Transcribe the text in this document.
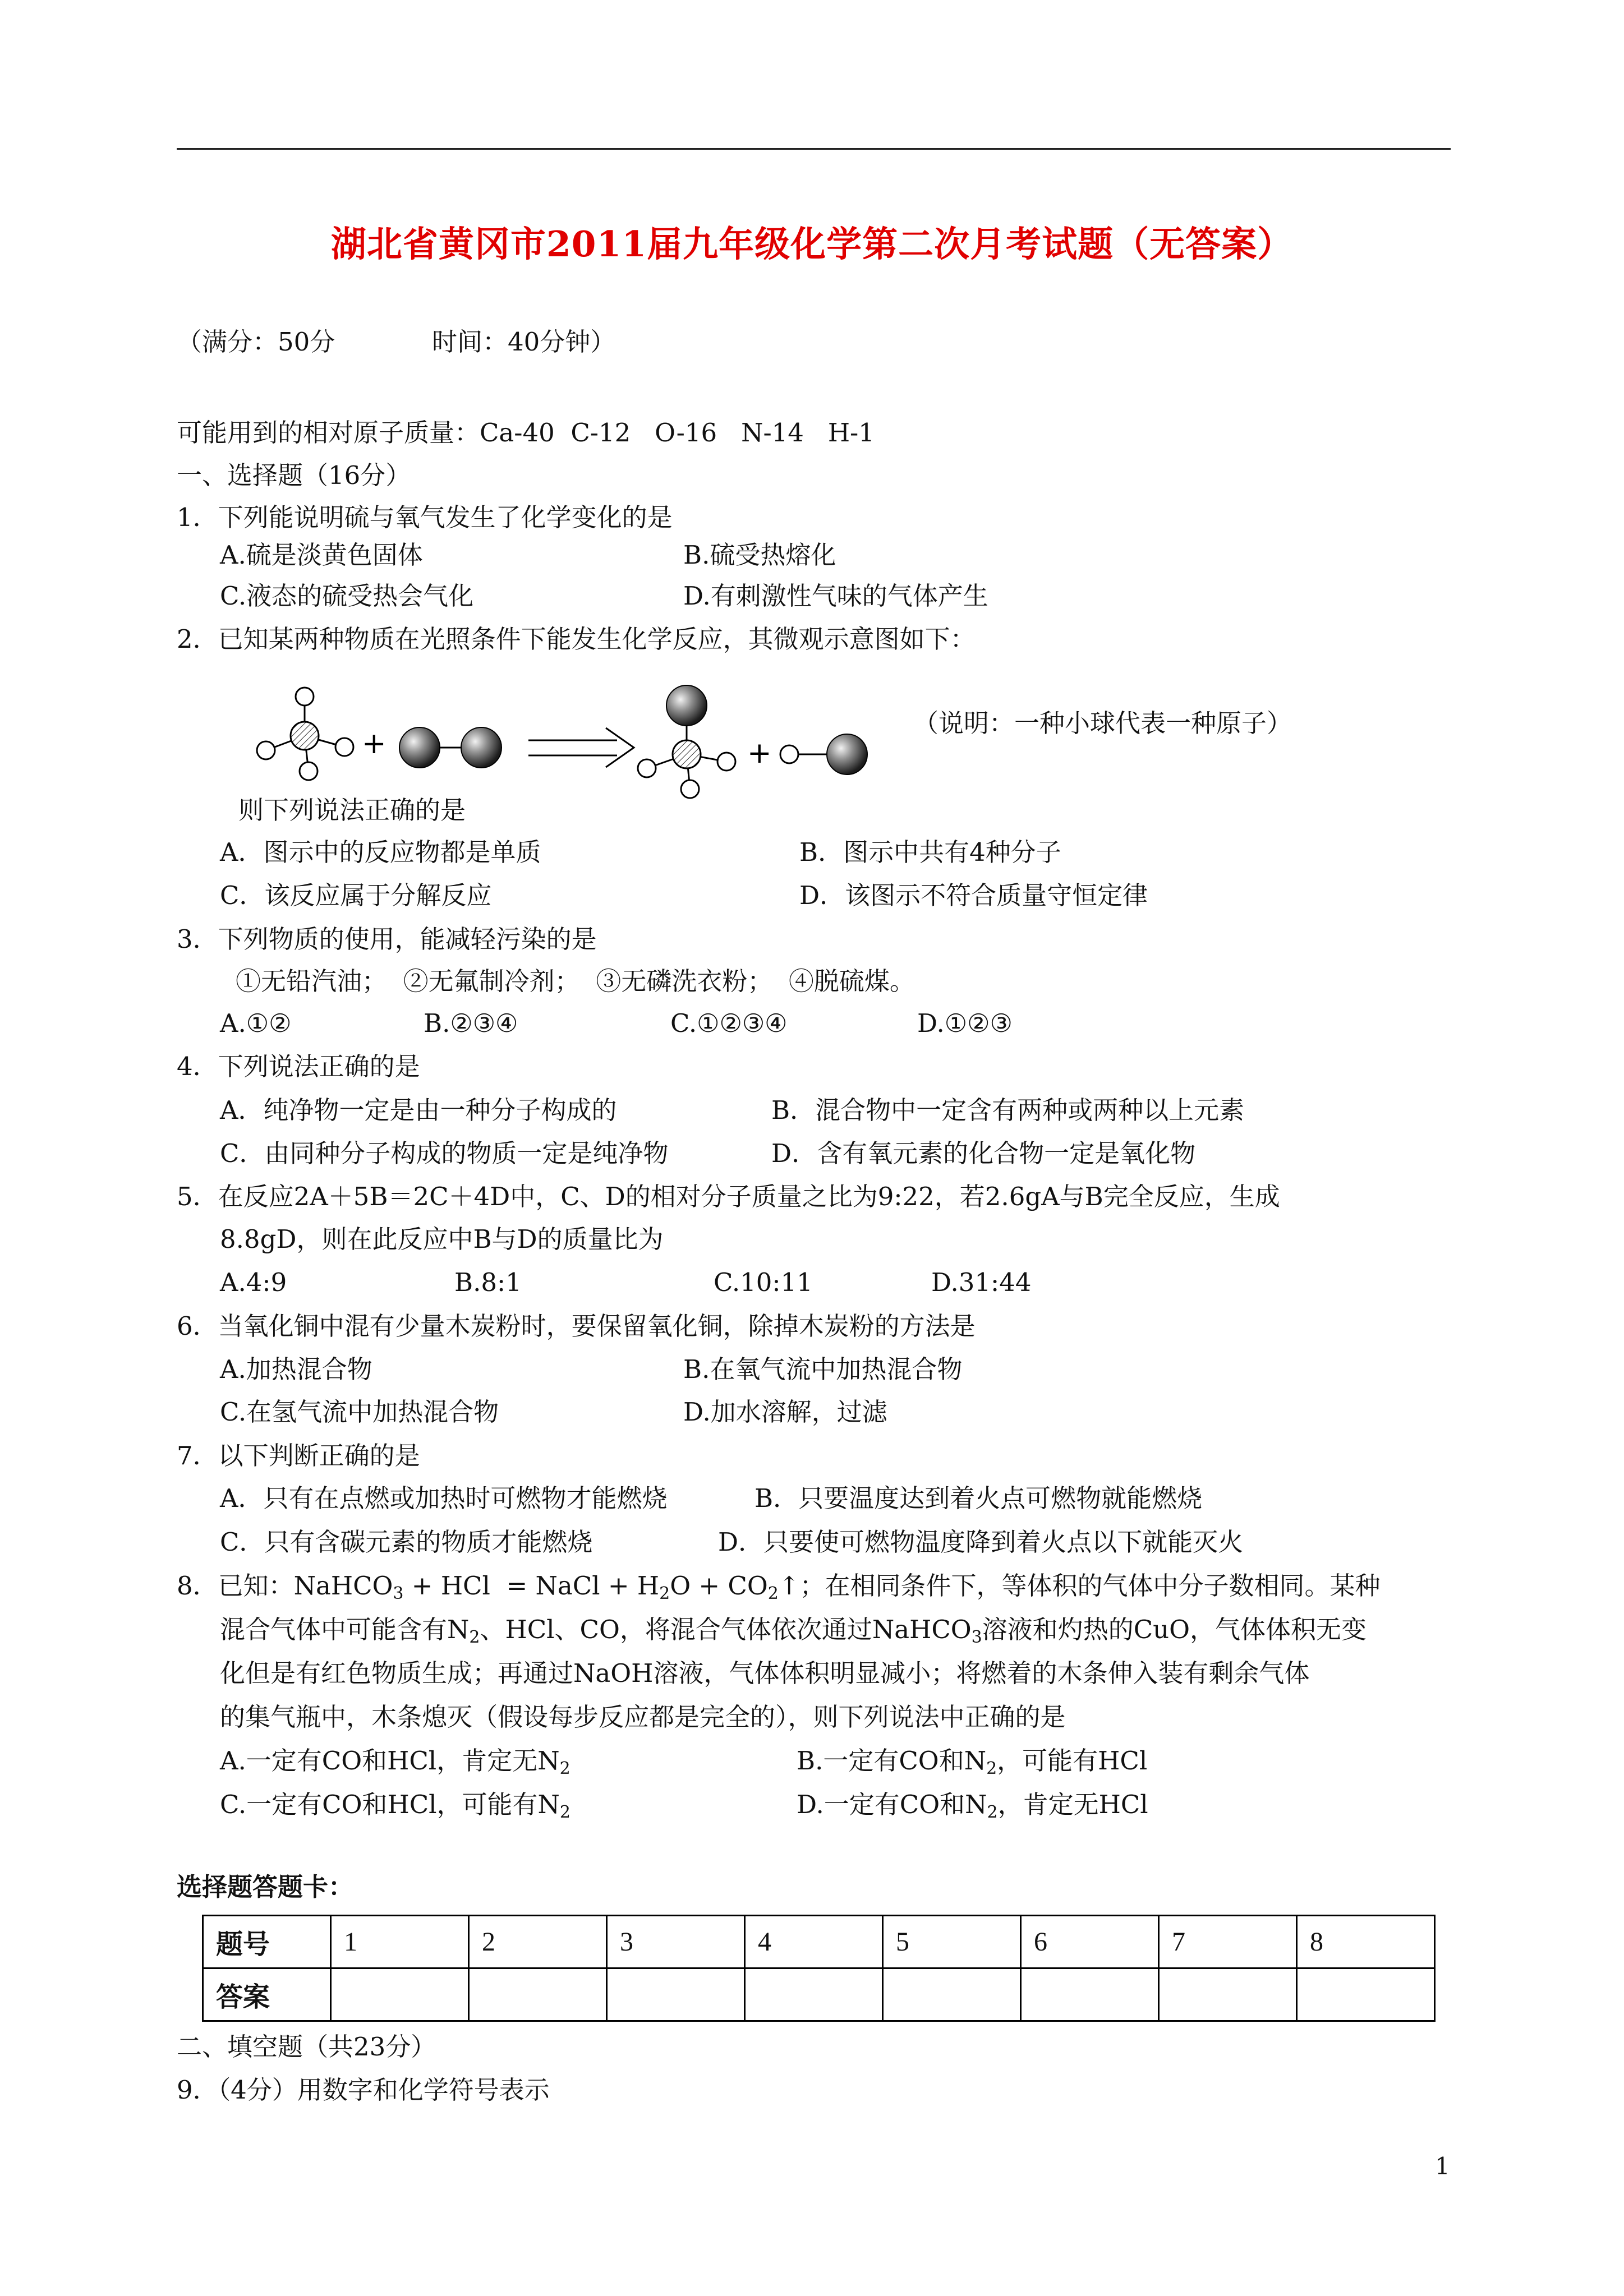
湖北省黄冈市2011届九年级化学第二次月考试题（无答案）
（满分：50分	时间：40分钟）
可能用到的相对原子质量：Ca-40  C-12   O-16   N-14   H-1
一、选择题（16分）
1．下列能说明硫与氧气发生了化学变化的是
A.硫是淡黄色固体	B.硫受热熔化
C.液态的硫受热会气化	D.有刺激性气味的气体产生
2．已知某两种物质在光照条件下能发生化学反应，其微观示意图如下：
+	+
（说明：一种小球代表一种原子）
则下列说法正确的是
A．图示中的反应物都是单质	B．图示中共有4种分子
C．该反应属于分解反应	D．该图示不符合质量守恒定律
3．下列物质的使用，能减轻污染的是
①无铅汽油；  ②无氟制冷剂；  ③无磷洗衣粉；  ④脱硫煤。
A.①②	B.②③④	C.①②③④	D.①②③
4．下列说法正确的是
A．纯净物一定是由一种分子构成的	B．混合物中一定含有两种或两种以上元素
C．由同种分子构成的物质一定是纯净物	D．含有氧元素的化合物一定是氧化物
5．在反应2A＋5B＝2C＋4D中，C、D的相对分子质量之比为9:22，若2.6gA与B完全反应，生成
8.8gD，则在此反应中B与D的质量比为
A.4:9	B.8:1	C.10:11	D.31:44
6．当氧化铜中混有少量木炭粉时，要保留氧化铜，除掉木炭粉的方法是
A.加热混合物	B.在氧气流中加热混合物
C.在氢气流中加热混合物	D.加水溶解，过滤
7．以下判断正确的是
A．只有在点燃或加热时可燃物才能燃烧	B．只要温度达到着火点可燃物就能燃烧
C．只有含碳元素的物质才能燃烧	D．只要使可燃物温度降到着火点以下就能灭火
8．已知：NaHCO$_3$ + HCl  = NaCl + $H_2O$ + $CO_2↑$；在相同条件下，等体积的气体中分子数相同。某种
混合气体中可能含有$N_2$、HCl、CO，将混合气体依次通过NaHCO$_3$溶液和灼热的CuO，气体体积无变
化但是有红色物质生成；再通过NaOH溶液，气体体积明显减小；将燃着的木条伸入装有剩余气体
的集气瓶中，木条熄灭（假设每步反应都是完全的），则下列说法中正确的是
A.一定有CO和HCl，肯定无$N_2$	B.一定有CO和$N_2$，可能有HCl
C.一定有CO和HCl，可能有$N_2$	D.一定有CO和$N_2$，肯定无HCl
选择题答题卡：
题号	1	2	3	4	5	6	7	8
答案								
二、填空题（共23分）
9．（4分）用数字和化学符号表示
1
